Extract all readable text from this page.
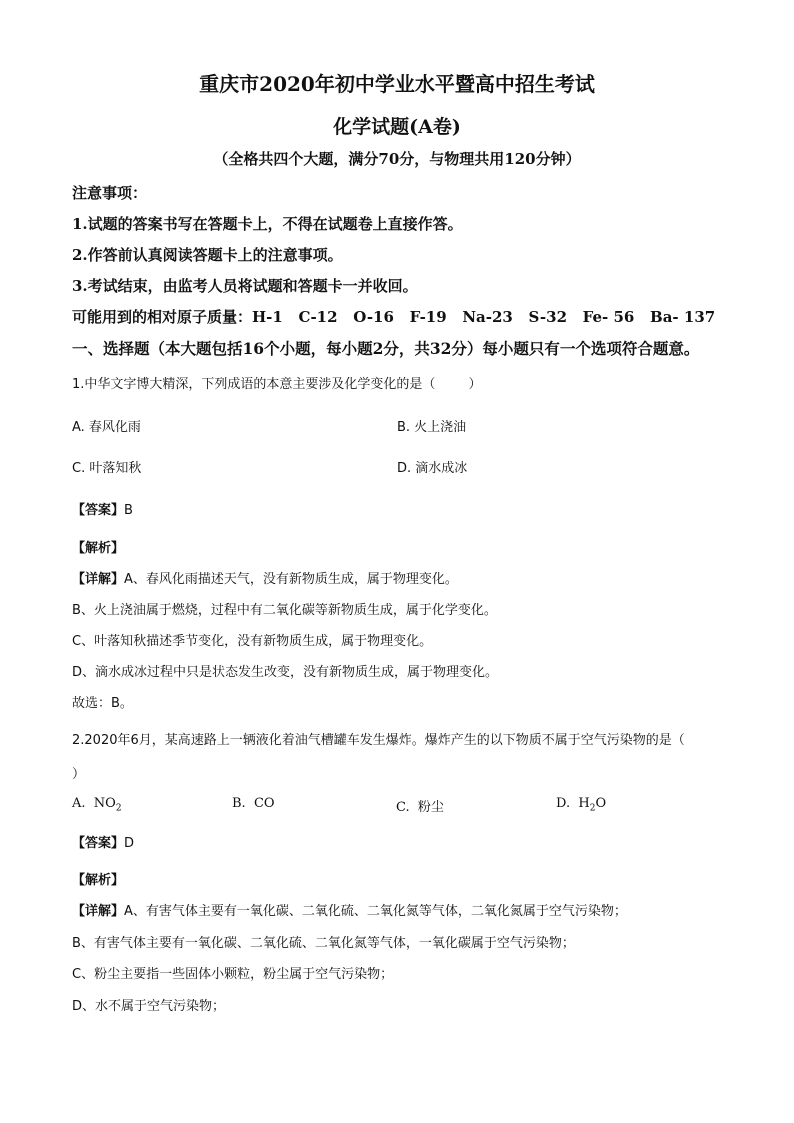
重庆市2020年初中学业水平暨高中招生考试
化学试题(A卷)
（全格共四个大题，满分70分，与物理共用120分钟）
注意事项：
1.试题的答案书写在答题卡上，不得在试题卷上直接作答。
2.作答前认真阅读答题卡上的注意事项。
3.考试结束，由监考人员将试题和答题卡一并收回。
可能用到的相对原子质量：H-1   C-12   O-16   F-19   Na-23   S-32   Fe- 56   Ba- 137
一、选择题（本大题包括16个小题，每小题2分，共32分）每小题只有一个选项符合题意。
1.中华文字博大精深，下列成语的本意主要涉及化学变化的是（        ）
A. 春风化雨	B. 火上浇油
C. 叶落知秋	D. 滴水成冰
【答案】B
【解析】
【详解】A、春风化雨描述天气，没有新物质生成，属于物理变化。
B、火上浇油属于燃烧，过程中有二氧化碳等新物质生成，属于化学变化。
C、叶落知秋描述季节变化，没有新物质生成，属于物理变化。
D、滴水成冰过程中只是状态发生改变，没有新物质生成，属于物理变化。
故选：B。
2.2020年6月，某高速路上一辆液化着油气槽罐车发生爆炸。爆炸产生的以下物质不属于空气污染物的是（
）
A. $NO_2$	B.  CO	C.  粉尘	D. $H_2O$
【答案】D
【解析】
【详解】A、有害气体主要有一氧化碳、二氧化硫、二氧化氮等气体，二氧化氮属于空气污染物；
B、有害气体主要有一氧化碳、二氧化硫、二氧化氮等气体，一氧化碳属于空气污染物；
C、粉尘主要指一些固体小颗粒，粉尘属于空气污染物；
D、水不属于空气污染物；
